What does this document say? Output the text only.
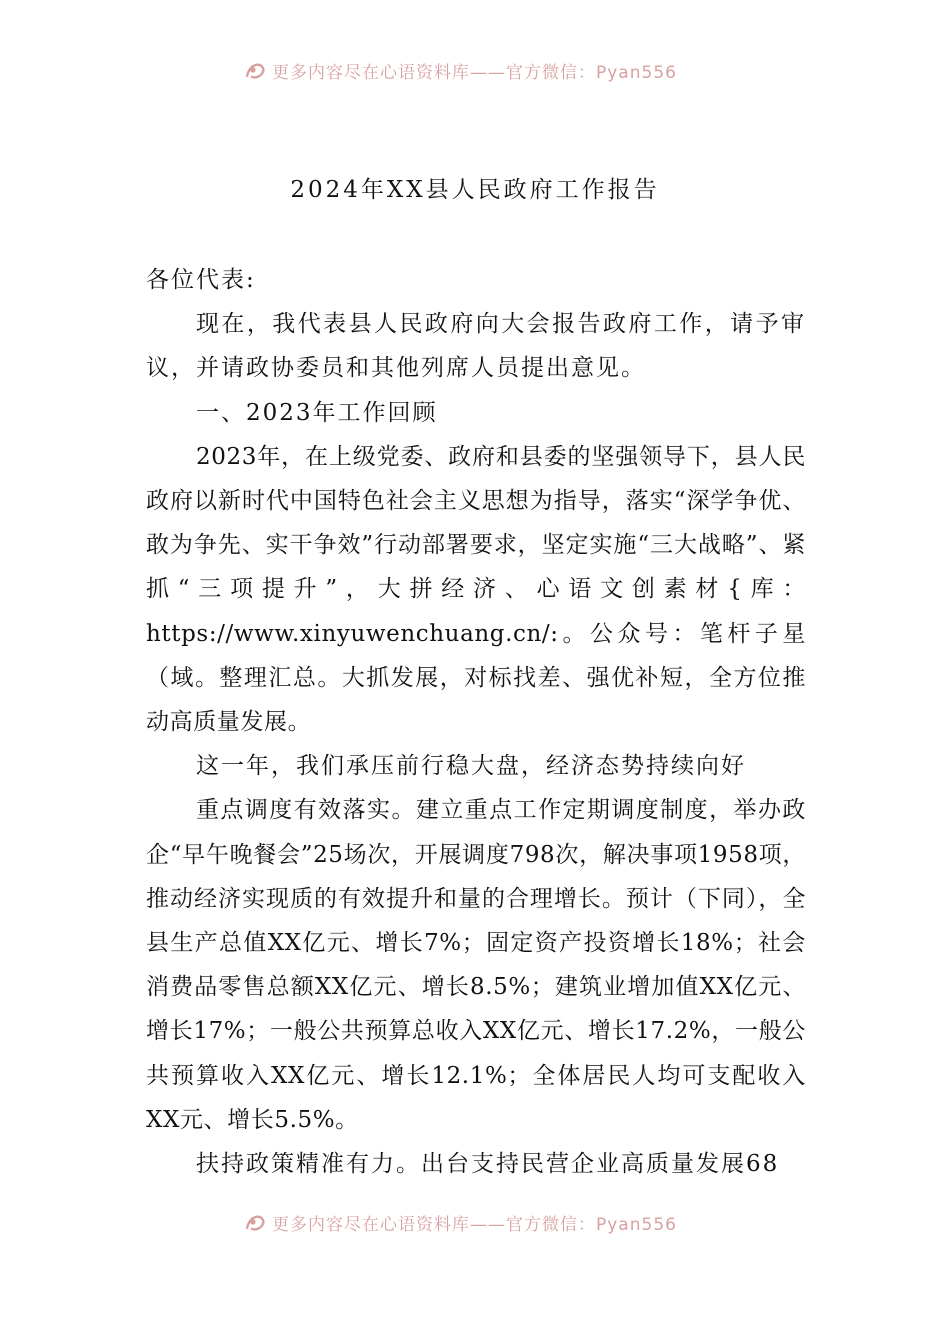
更多内容尽在心语资料库——官方微信：Pyan556
2024年XX县人民政府工作报告

各位代表:

现在，我代表县人民政府向大会报告政府工作，请予审议，并请政协委员和其他列席人员提出意见。

一、2023年工作回顾

2023年，在上级党委、政府和县委的坚强领导下，县人民政府以新时代中国特色社会主义思想为指导，落实“深学争优、敢为争先、实干争效”行动部署要求，坚定实施“三大战略”、紧抓“三项提升”，大拼经济、心语文创素材{库：https://www.xinyuwenchuang.cn/:。公众号：笔杆子星（域。整理汇总。大抓发展，对标找差、强优补短，全方位推动高质量发展。

这一年，我们承压前行稳大盘，经济态势持续向好

重点调度有效落实。建立重点工作定期调度制度，举办政企“早午晚餐会”25场次，开展调度798次，解决事项1958项，推动经济实现质的有效提升和量的合理增长。预计（下同），全县生产总值XX亿元、增长7%；固定资产投资增长18%；社会消费品零售总额XX亿元、增长8.5%；建筑业增加值XX亿元、增长17%；一般公共预算总收入XX亿元、增长17.2%，一般公共预算收入XX亿元、增长12.1%；全体居民人均可支配收入XX元、增长5.5%。

扶持政策精准有力。出台支持民营企业高质量发展68

更多内容尽在心语资料库——官方微信：Pyan556
